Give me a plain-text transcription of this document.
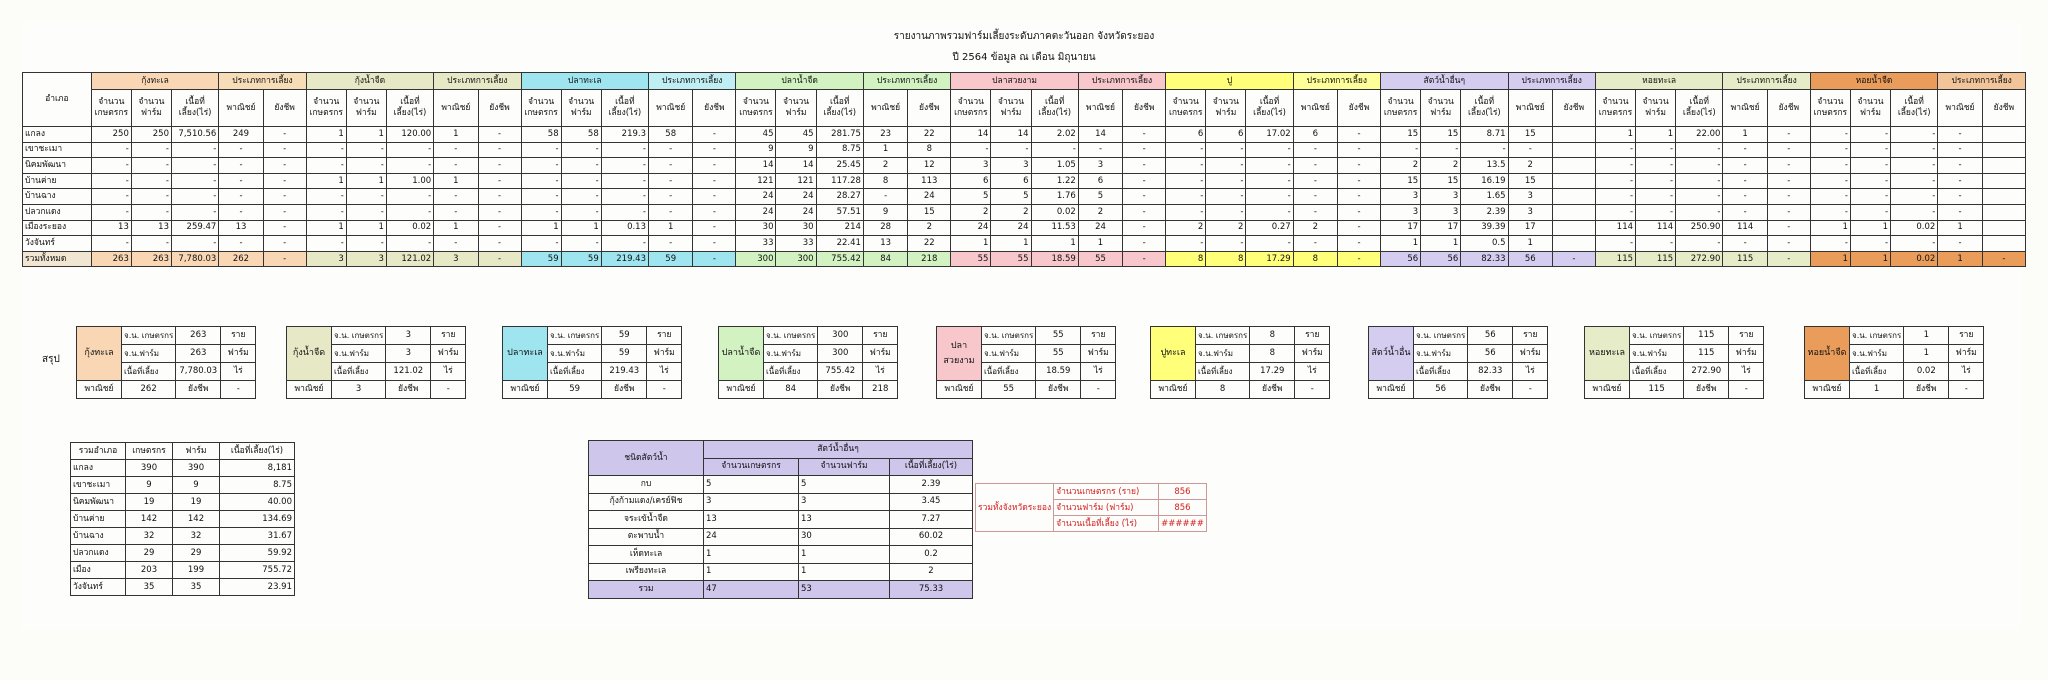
รายงานภาพรวมฟาร์มเลี้ยงระดับภาคตะวันออก จังหวัดระยอง
ปี 2564 ข้อมูล ณ เดือน มิถุนายน
อำเภอ	กุ้งทะเล			ประเภทการเลี้ยง		กุ้งน้ำจืด			ประเภทการเลี้ยง		ปลาทะเล			ประเภทการเลี้ยง		ปลาน้ำจืด			ประเภทการเลี้ยง		ปลาสวยงาม			ประเภทการเลี้ยง		ปู			ประเภทการเลี้ยง		สัตว์น้ำอื่นๆ			ประเภทการเลี้ยง		หอยทะเล			ประเภทการเลี้ยง		หอยน้ำจืด			ประเภทการเลี้ยง	
	จำนวน เกษตรกร	จำนวน ฟาร์ม	เนื้อที่ เลี้ยง(ไร่)	พาณิชย์	ยังชีพ	จำนวน เกษตรกร	จำนวน ฟาร์ม	เนื้อที่ เลี้ยง(ไร่)	พาณิชย์	ยังชีพ	จำนวน เกษตรกร	จำนวน ฟาร์ม	เนื้อที่ เลี้ยง(ไร่)	พาณิชย์	ยังชีพ	จำนวน เกษตรกร	จำนวน ฟาร์ม	เนื้อที่ เลี้ยง(ไร่)	พาณิชย์	ยังชีพ	จำนวน เกษตรกร	จำนวน ฟาร์ม	เนื้อที่ เลี้ยง(ไร่)	พาณิชย์	ยังชีพ	จำนวน เกษตรกร	จำนวน ฟาร์ม	เนื้อที่ เลี้ยง(ไร่)	พาณิชย์	ยังชีพ	จำนวน เกษตรกร	จำนวน ฟาร์ม	เนื้อที่ เลี้ยง(ไร่)	พาณิชย์	ยังชีพ	จำนวน เกษตรกร	จำนวน ฟาร์ม	เนื้อที่ เลี้ยง(ไร่)	พาณิชย์	ยังชีพ	จำนวน เกษตรกร	จำนวน ฟาร์ม	เนื้อที่ เลี้ยง(ไร่)	พาณิชย์	ยังชีพ
แกลง	250	250	7,510.56	249	-	1	1	120.00	1	-	58	58	219.3	58	-	45	45	281.75	23	22	14	14	2.02	14	-	6	6	17.02	6	-	15	15	8.71	15		1	1	22.00	1	-	-	-	-	-	
เขาชะเมา	-	-	-	-	-	-	-	-	-	-	-	-	-	-	-	9	9	8.75	1	8	-	-	-	-	-	-	-	-	-	-	-	-	-	-		-	-	-	-	-	-	-	-	-	
นิคมพัฒนา	-	-	-	-	-	-	-	-	-	-	-	-	-	-	-	14	14	25.45	2	12	3	3	1.05	3	-	-	-	-	-	-	2	2	13.5	2		-	-	-	-	-	-	-	-	-	
บ้านค่าย	-	-	-	-	-	1	1	1.00	1	-	-	-	-	-	-	121	121	117.28	8	113	6	6	1.22	6	-	-	-	-	-	-	15	15	16.19	15		-	-	-	-	-	-	-	-	-	
บ้านฉาง	-	-	-	-	-	-	-	-	-	-	-	-	-	-	-	24	24	28.27	-	24	5	5	1.76	5	-	-	-	-	-	-	3	3	1.65	3		-	-	-	-	-	-	-	-	-	
ปลวกแดง	-	-	-	-	-	-	-	-	-	-	-	-	-	-	-	24	24	57.51	9	15	2	2	0.02	2	-	-	-	-	-	-	3	3	2.39	3		-	-	-	-	-	-	-	-	-	
เมืองระยอง	13	13	259.47	13	-	1	1	0.02	1	-	1	1	0.13	1	-	30	30	214	28	2	24	24	11.53	24	-	2	2	0.27	2	-	17	17	39.39	17		114	114	250.90	114	-	1	1	0.02	1	
วังจันทร์	-	-	-	-	-	-	-	-	-	-	-	-	-	-	-	33	33	22.41	13	22	1	1	1	1	-	-	-	-	-	-	1	1	0.5	1		-	-	-	-	-	-	-	-	-	
รวมทั้งหมด	263	263	7,780.03	262	-	3	3	121.02	3	-	59	59	219.43	59	-	300	300	755.42	84	218	55	55	18.59	55	-	8	8	17.29	8	-	56	56	82.33	56	-	115	115	272.90	115	-	1	1	0.02	1	-
สรุป
กุ้งทะเล	จ.น. เกษตรกร	263	ราย
	จ.น.ฟาร์ม	263	ฟาร์ม
	เนื้อที่เลี้ยง	7,780.03	ไร่
พาณิชย์	262	ยังชีพ	-
กุ้งน้ำจืด	จ.น. เกษตรกร	3	ราย
	จ.น.ฟาร์ม	3	ฟาร์ม
	เนื้อที่เลี้ยง	121.02	ไร่
พาณิชย์	3	ยังชีพ	-
ปลาทะเล	จ.น. เกษตรกร	59	ราย
	จ.น.ฟาร์ม	59	ฟาร์ม
	เนื้อที่เลี้ยง	219.43	ไร่
พาณิชย์	59	ยังชีพ	-
ปลาน้ำจืด	จ.น. เกษตรกร	300	ราย
	จ.น.ฟาร์ม	300	ฟาร์ม
	เนื้อที่เลี้ยง	755.42	ไร่
พาณิชย์	84	ยังชีพ	218
ปลา สวยงาม	จ.น. เกษตรกร	55	ราย
	จ.น.ฟาร์ม	55	ฟาร์ม
	เนื้อที่เลี้ยง	18.59	ไร่
พาณิชย์	55	ยังชีพ	-
ปูทะเล	จ.น. เกษตรกร	8	ราย
	จ.น.ฟาร์ม	8	ฟาร์ม
	เนื้อที่เลี้ยง	17.29	ไร่
พาณิชย์	8	ยังชีพ	-
สัตว์น้ำอื่น	จ.น. เกษตรกร	56	ราย
	จ.น.ฟาร์ม	56	ฟาร์ม
	เนื้อที่เลี้ยง	82.33	ไร่
พาณิชย์	56	ยังชีพ	-
หอยทะเล	จ.น. เกษตรกร	115	ราย
	จ.น.ฟาร์ม	115	ฟาร์ม
	เนื้อที่เลี้ยง	272.90	ไร่
พาณิชย์	115	ยังชีพ	-
หอยน้ำจืด	จ.น. เกษตรกร	1	ราย
	จ.น.ฟาร์ม	1	ฟาร์ม
	เนื้อที่เลี้ยง	0.02	ไร่
พาณิชย์	1	ยังชีพ	-
รวมอำเภอ	เกษตรกร	ฟาร์ม	เนื้อที่เลี้ยง(ไร่)
แกลง	390	390	8,181
เขาชะเมา	9	9	8.75
นิคมพัฒนา	19	19	40.00
บ้านค่าย	142	142	134.69
บ้านฉาง	32	32	31.67
ปลวกแดง	29	29	59.92
เมือง	203	199	755.72
วังจันทร์	35	35	23.91
ชนิดสัตว์น้ำ	สัตว์น้ำอื่นๆ		
	จำนวนเกษตรกร	จำนวนฟาร์ม	เนื้อที่เลี้ยง(ไร่)
กบ	5	5	2.39
กุ้งก้ามแดง/เครย์ฟิช	3	3	3.45
จระเข้น้ำจืด	13	13	7.27
ตะพาบน้ำ	24	30	60.02
เห็ดทะเล	1	1	0.2
เพรียงทะเล	1	1	2
รวม	47	53	75.33
รวมทั้งจังหวัดระยอง	จำนวนเกษตรกร (ราย)	856
	จำนวนฟาร์ม (ฟาร์ม)	856
	จำนวนเนื้อที่เลี้ยง (ไร่)	######
